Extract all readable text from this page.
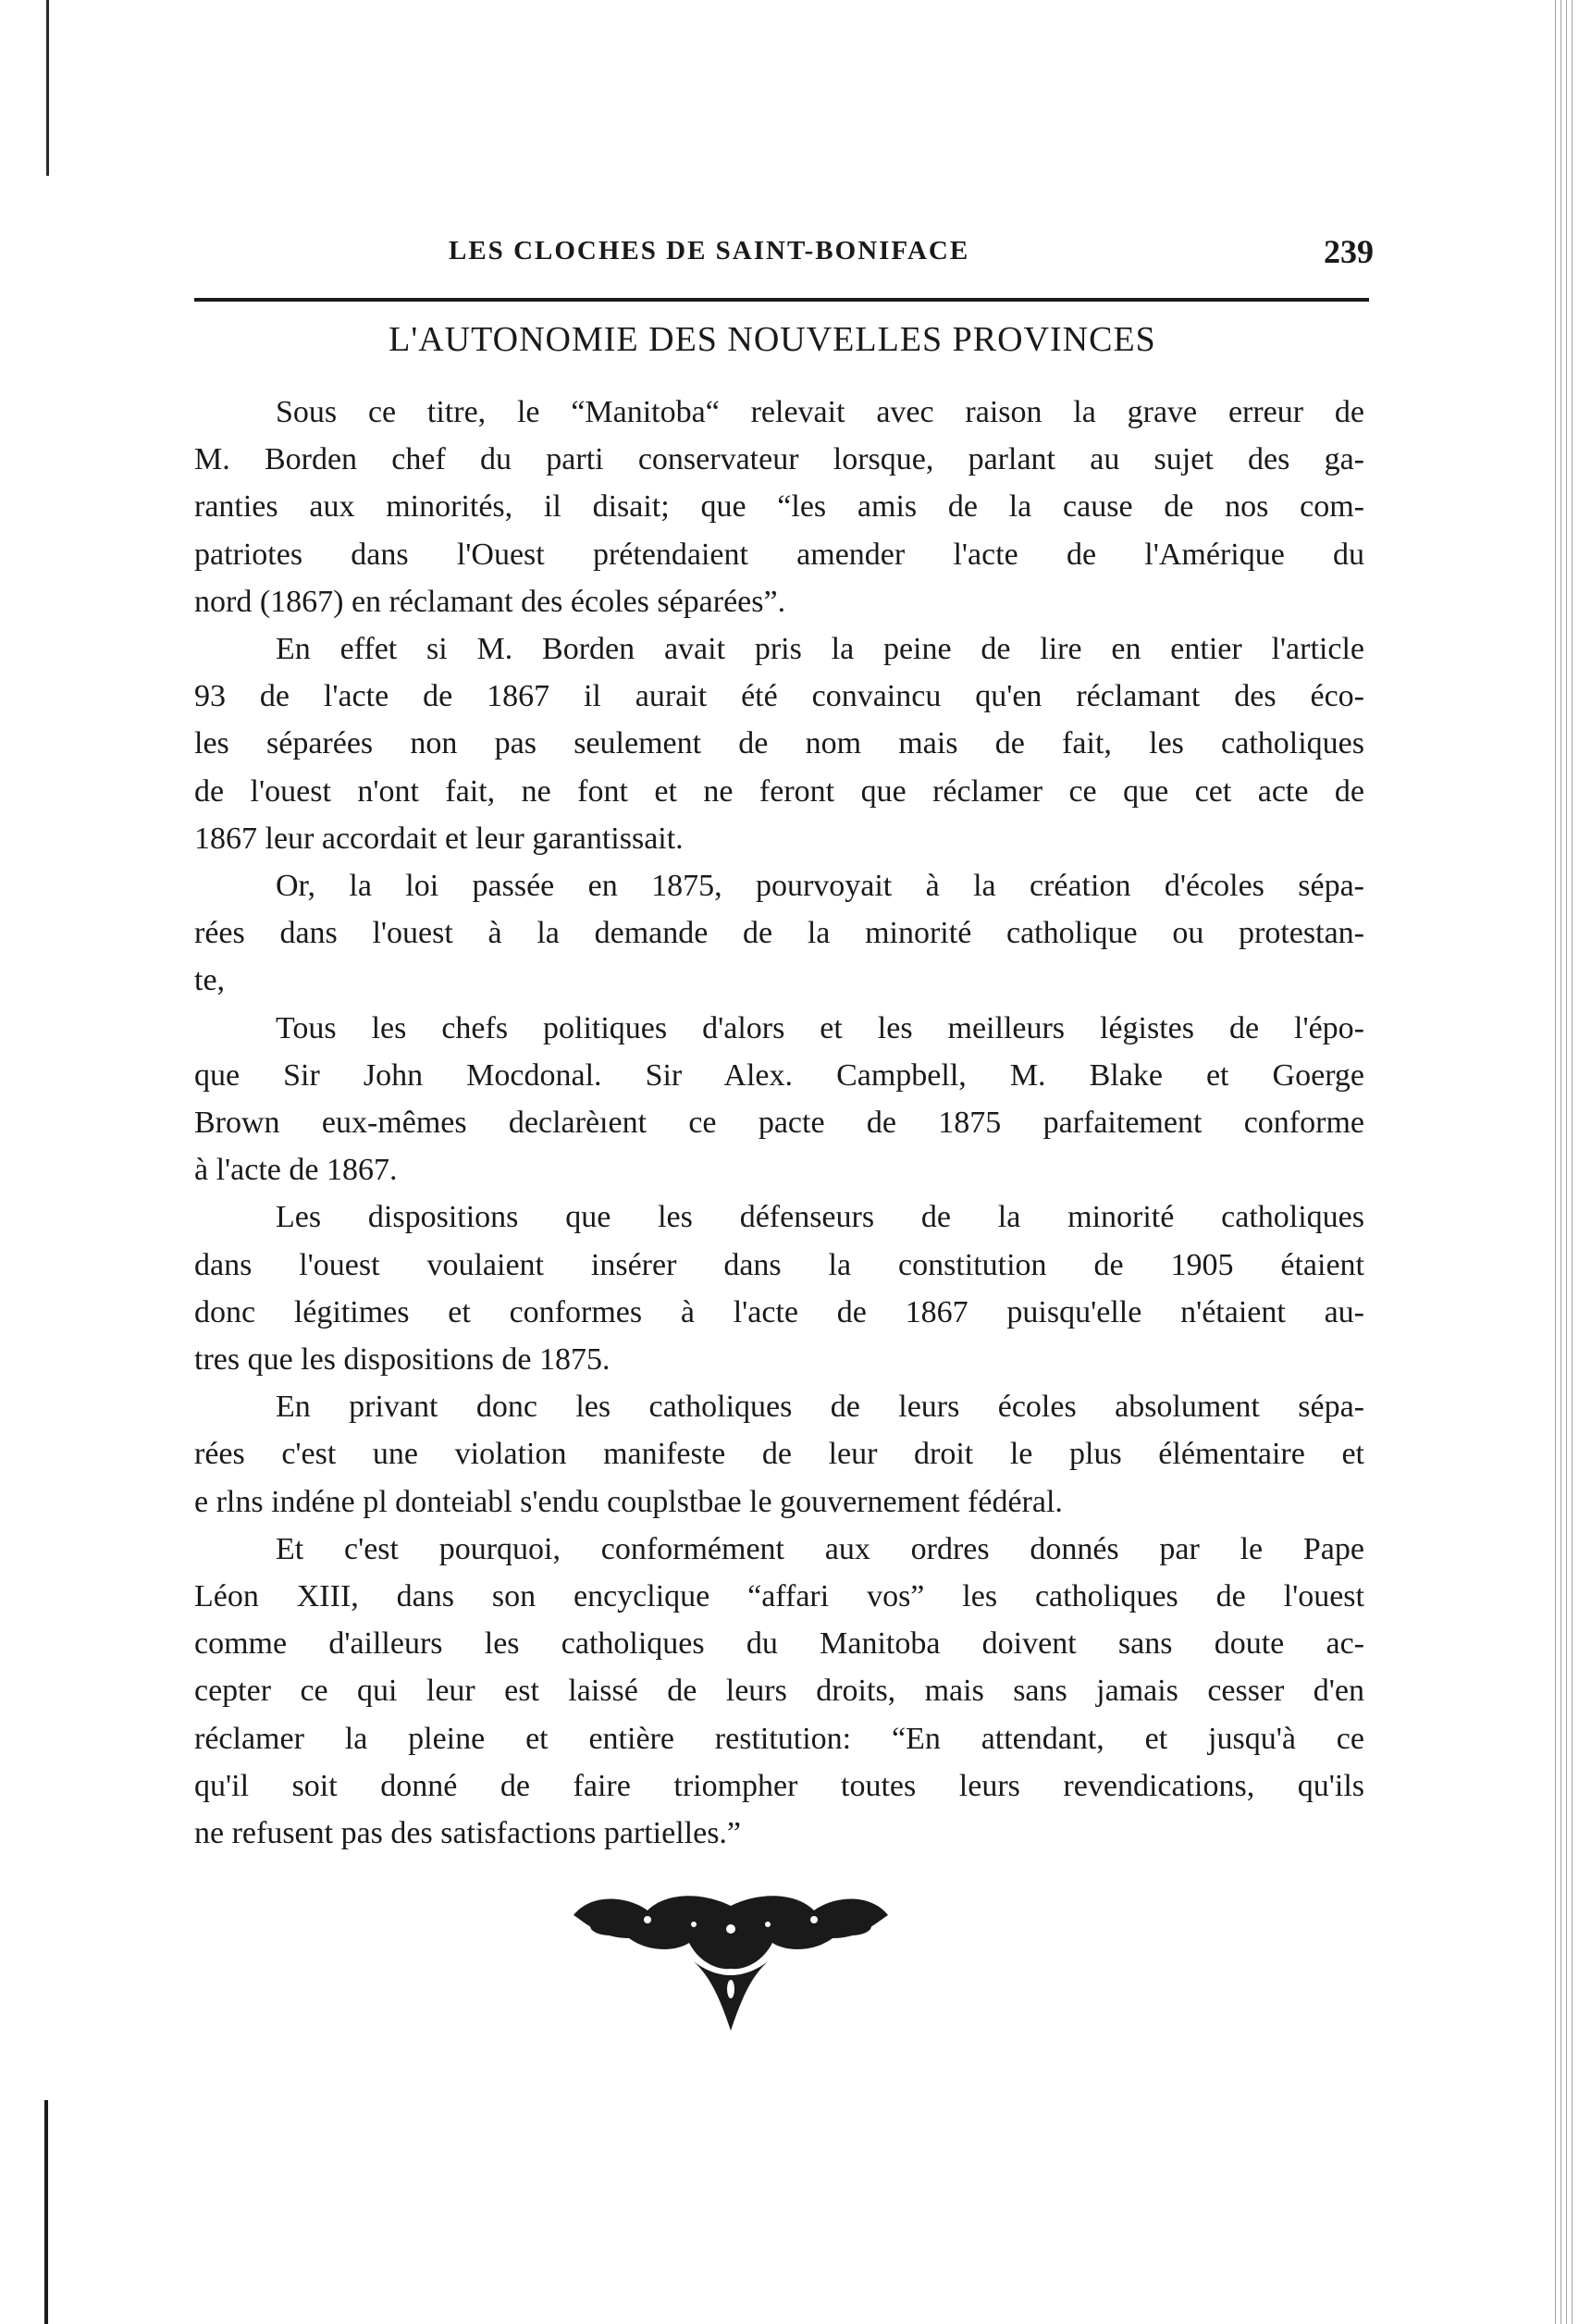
LES CLOCHES DE SAINT-BONIFACE	239
L'AUTONOMIE DES NOUVELLES PROVINCES
Sous ce titre, le “Manitoba“ relevait avec raison la grave erreur de
M. Borden chef du parti conservateur lorsque, parlant au sujet des ga-
ranties aux minorités, il disait; que “les amis de la cause de nos com-
patriotes dans l'Ouest prétendaient amender l'acte de l'Amérique du
nord (1867) en réclamant des écoles séparées”.
En effet si M. Borden avait pris la peine de lire en entier l'article
93 de l'acte de 1867 il aurait été convaincu qu'en réclamant des éco-
les séparées non pas seulement de nom mais de fait, les catholiques
de l'ouest n'ont fait, ne font et ne feront que réclamer ce que cet acte de
1867 leur accordait et leur garantissait.
Or, la loi passée en 1875, pourvoyait à la création d'écoles sépa-
rées dans l'ouest à la demande de la minorité catholique ou protestan-
te,
Tous les chefs politiques d'alors et les meilleurs légistes de l'épo-
que Sir John Mocdonal. Sir Alex. Campbell, M. Blake et Goerge
Brown eux-mêmes declarèıent ce pacte de 1875 parfaitement conforme
à l'acte de 1867.
Les dispositions que les défenseurs de la minorité catholiques
dans l'ouest voulaient insérer dans la constitution de 1905 étaient
donc légitimes et conformes à l'acte de 1867 puisqu'elle n'étaient au-
tres que les dispositions de 1875.
En privant donc les catholiques de leurs écoles absolument sépa-
rées c'est une violation manifeste de leur droit le plus élémentaire et
e rlns indéne pl donteiabl s'endu couplstbae le gouvernement fédéral.
Et c'est pourquoi, conformément aux ordres donnés par le Pape
Léon XIII, dans son encyclique “affari vos” les catholiques de l'ouest
comme d'ailleurs les catholiques du Manitoba doivent sans doute ac-
cepter ce qui leur est laissé de leurs droits, mais sans jamais cesser d'en
réclamer la pleine et entière restitution: “En attendant, et jusqu'à ce
qu'il soit donné de faire triompher toutes leurs revendications, qu'ils
ne refusent pas des satisfactions partielles.”
